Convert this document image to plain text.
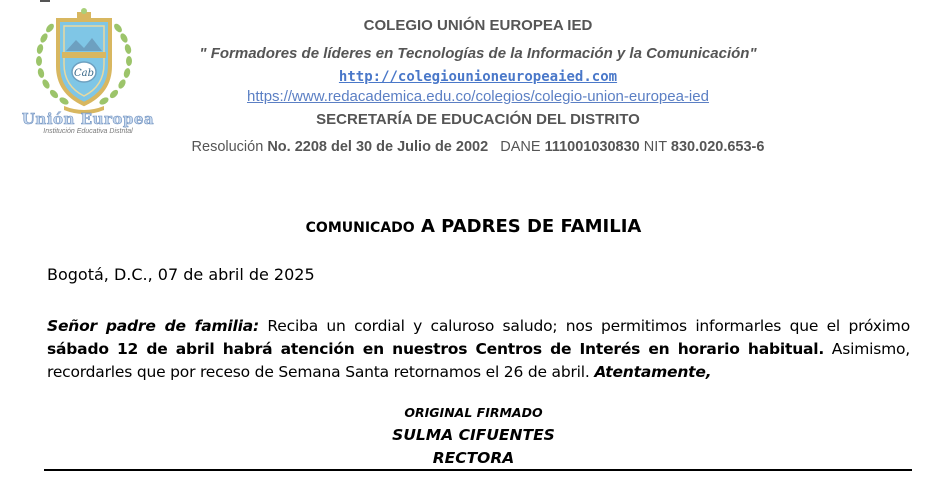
Cab
Unión Europea
Institución Educativa Distrital
COLEGIO UNIÓN EUROPEA IED
" Formadores de líderes en Tecnologías de la Información y la Comunicación"
http://colegiounioneuropeaied.com
https://www.redacademica.edu.co/colegios/colegio-union-europea-ied
SECRETARÍA DE EDUCACIÓN DEL DISTRITO
Resolución No. 2208 del 30 de Julio de 2002 DANE 111001030830 NIT 830.020.653-6
COMUNICADO A PADRES DE FAMILIA
Bogotá, D.C., 07 de abril de 2025
Señor padre de familia: Reciba un cordial y caluroso saludo; nos permitimos informarles que el próximo sábado 12 de abril habrá atención en nuestros Centros de Interés en horario habitual. Asimismo, recordarles que por receso de Semana Santa retornamos el 26 de abril. Atentamente,
ORIGINAL FIRMADO
SULMA CIFUENTES
RECTORA
